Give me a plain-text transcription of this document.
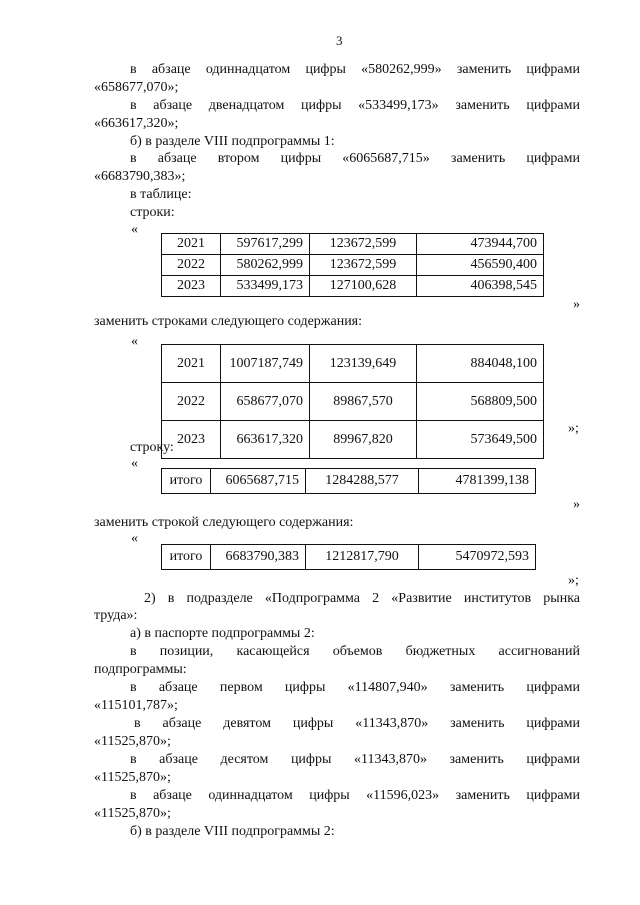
3
в абзаце одиннадцатом цифры «580262,999» заменить цифрами
«658677,070»;
в абзаце двенадцатом цифры «533499,173» заменить цифрами
«663617,320»;
б) в разделе VIII подпрограммы 1:
в абзаце втором цифры «6065687,715» заменить цифрами
«6683790,383»;
в таблице:
строки:
«
2021	597617,299	123672,599	473944,700
2022	580262,999	123672,599	456590,400
2023	533499,173	127100,628	406398,545
»
заменить строками следующего содержания:
«
2021	1007187,749	123139,649	884048,100
2022	658677,070	89867,570	568809,500
2023	663617,320	89967,820	573649,500
»;
строку:
«
итого	6065687,715	1284288,577	4781399,138
»
заменить строкой следующего содержания:
«
итого	6683790,383	1212817,790	5470972,593
»;
2) в подразделе «Подпрограмма 2 «Развитие институтов рынка
труда»:
а) в паспорте подпрограммы 2:
в позиции, касающейся объемов бюджетных ассигнований
подпрограммы:
в абзаце первом цифры «114807,940» заменить цифрами
«115101,787»;
в абзаце девятом цифры «11343,870» заменить цифрами
«11525,870»;
в абзаце десятом цифры «11343,870» заменить цифрами
«11525,870»;
в абзаце одиннадцатом цифры «11596,023» заменить цифрами
«11525,870»;
б) в разделе VIII подпрограммы 2:
